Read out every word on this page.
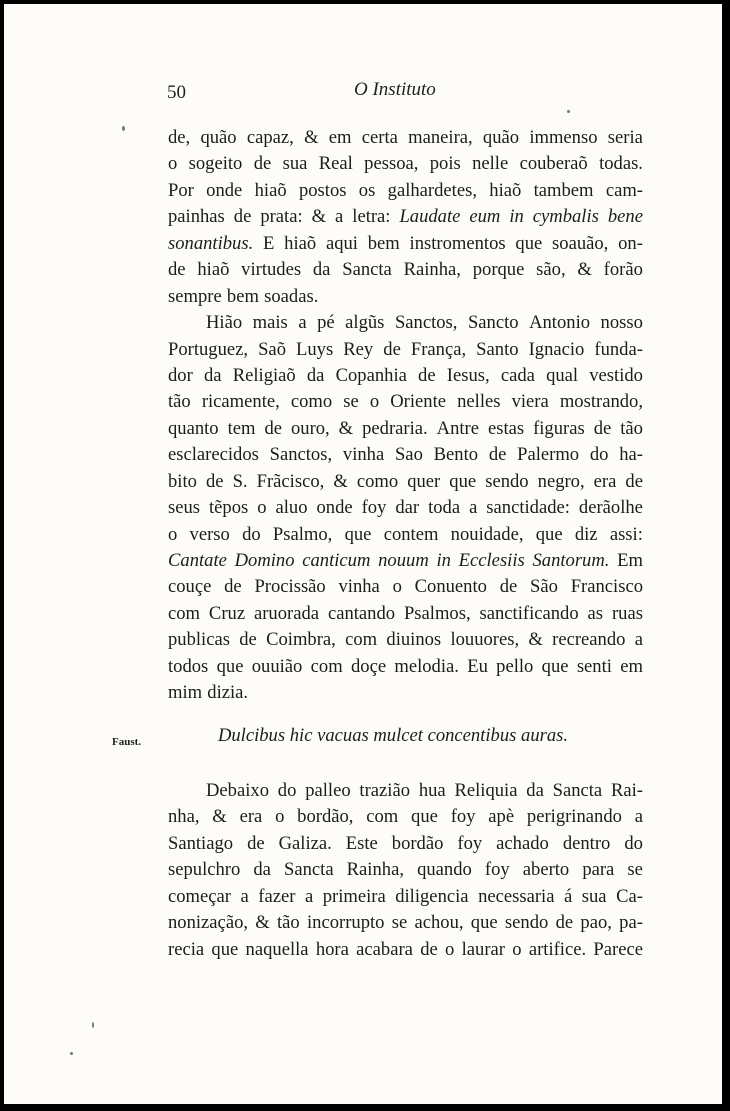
50	O Instituto
de, quão capaz, & em certa maneira, quão immenso seria
o sogeito de sua Real pessoa, pois nelle couberaõ todas.
Por onde hiaõ postos os galhardetes, hiaõ tambem cam-
painhas de prata: & a letra: Laudate eum in cymbalis bene
sonantibus. E hiaõ aqui bem instromentos que soauão, on-
de hiaõ virtudes da Sancta Rainha, porque são, & forão
sempre bem soadas.
Hião mais a pé algũs Sanctos, Sancto Antonio nosso
Portuguez, Saõ Luys Rey de França, Santo Ignacio funda-
dor da Religiaõ da Copanhia de Iesus, cada qual vestido
tão ricamente, como se o Oriente nelles viera mostrando,
quanto tem de ouro, & pedraria. Antre estas figuras de tão
esclarecidos Sanctos, vinha Sao Bento de Palermo do ha-
bito de S. Frãcisco, & como quer que sendo negro, era de
seus tẽpos o aluo onde foy dar toda a sanctidade: derãolhe
o verso do Psalmo, que contem nouidade, que diz assi:
Cantate Domino canticum nouum in Ecclesiis Santorum. Em
couçe de Procissão vinha o Conuento de São Francisco
com Cruz aruorada cantando Psalmos, sanctificando as ruas
publicas de Coimbra, com diuinos louuores, & recreando a
todos que ouuião com doçe melodia. Eu pello que senti em
mim dizia.
Faust.	Dulcibus hic vacuas mulcet concentibus auras.
Debaixo do palleo trazião hua Reliquia da Sancta Rai-
nha, & era o bordão, com que foy apè perigrinando a
Santiago de Galiza. Este bordão foy achado dentro do
sepulchro da Sancta Rainha, quando foy aberto para se
começar a fazer a primeira diligencia necessaria á sua Ca-
nonização, & tão incorrupto se achou, que sendo de pao, pa-
recia que naquella hora acabara de o laurar o artifice. Parece
